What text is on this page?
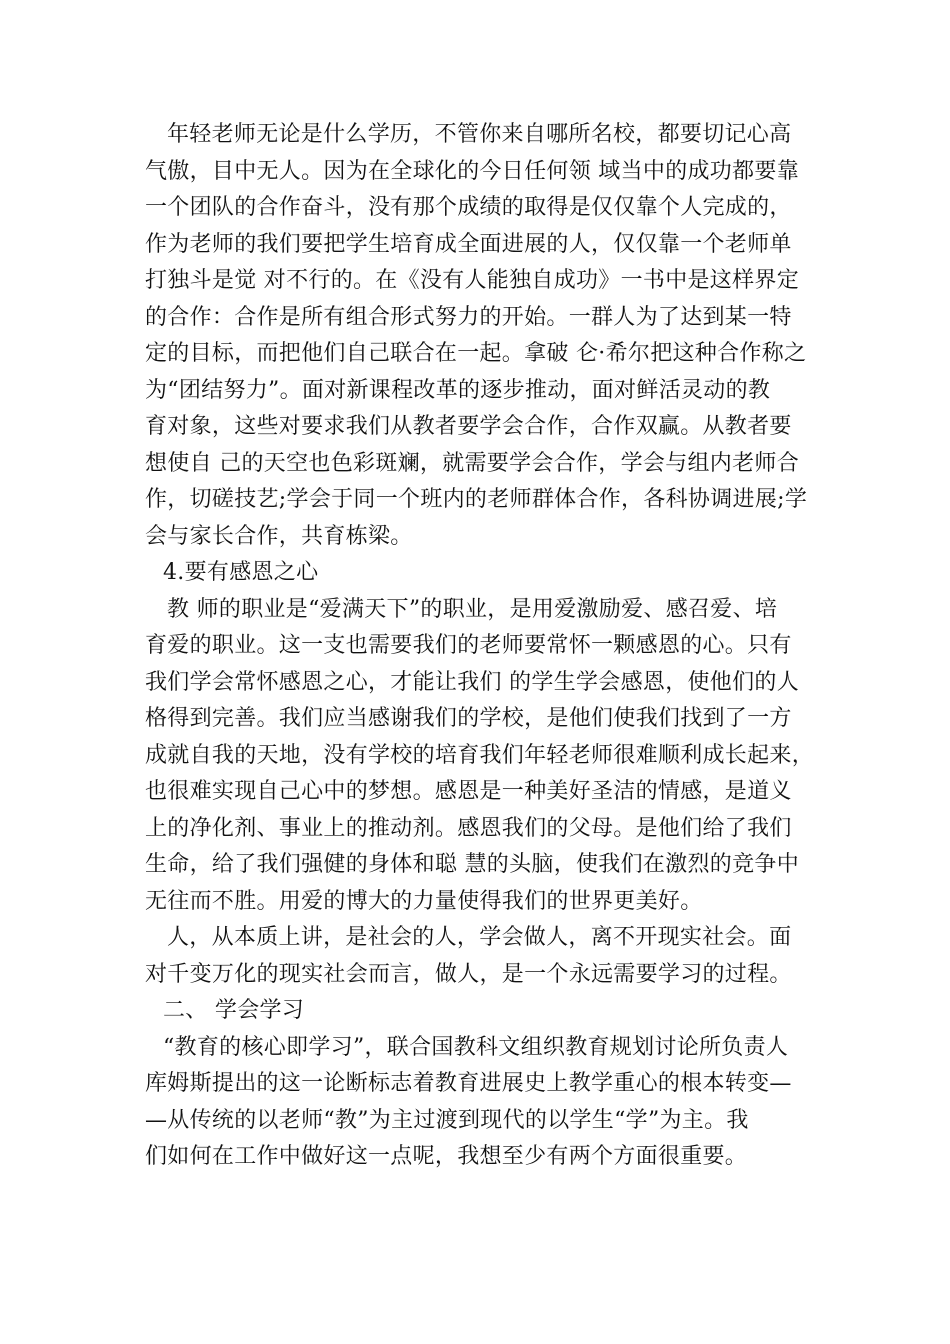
年轻老师无论是什么学历，不管你来自哪所名校，都要切记心高
气傲，目中无人。因为在全球化的今日任何领 域当中的成功都要靠
一个团队的合作奋斗，没有那个成绩的取得是仅仅靠个人完成的，
作为老师的我们要把学生培育成全面进展的人，仅仅靠一个老师单
打独斗是觉 对不行的。在《没有人能独自成功》一书中是这样界定
的合作：合作是所有组合形式努力的开始。一群人为了达到某一特
定的目标，而把他们自己联合在一起。拿破 仑·希尔把这种合作称之
为“团结努力”。面对新课程改革的逐步推动，面对鲜活灵动的教
育对象，这些对要求我们从教者要学会合作，合作双赢。从教者要
想使自 己的天空也色彩斑斓，就需要学会合作，学会与组内老师合
作，切磋技艺;学会于同一个班内的老师群体合作，各科协调进展;学
会与家长合作，共育栋梁。
4.要有感恩之心
教 师的职业是“爱满天下”的职业，是用爱激励爱、感召爱、培
育爱的职业。这一支也需要我们的老师要常怀一颗感恩的心。只有
我们学会常怀感恩之心，才能让我们 的学生学会感恩，使他们的人
格得到完善。我们应当感谢我们的学校，是他们使我们找到了一方
成就自我的天地，没有学校的培育我们年轻老师很难顺利成长起来，
也很难实现自己心中的梦想。感恩是一种美好圣洁的情感，是道义
上的净化剂、事业上的推动剂。感恩我们的父母。是他们给了我们
生命，给了我们强健的身体和聪 慧的头脑，使我们在激烈的竞争中
无往而不胜。用爱的博大的力量使得我们的世界更美好。
人，从本质上讲，是社会的人，学会做人，离不开现实社会。面
对千变万化的现实社会而言，做人，是一个永远需要学习的过程。
二、 学会学习
“教育的核心即学习”，联合国教科文组织教育规划讨论所负责人
库姆斯提出的这一论断标志着教育进展史上教学重心的根本转变—
—从传统的以老师“教”为主过渡到现代的以学生“学”为主。我
们如何在工作中做好这一点呢，我想至少有两个方面很重要。
